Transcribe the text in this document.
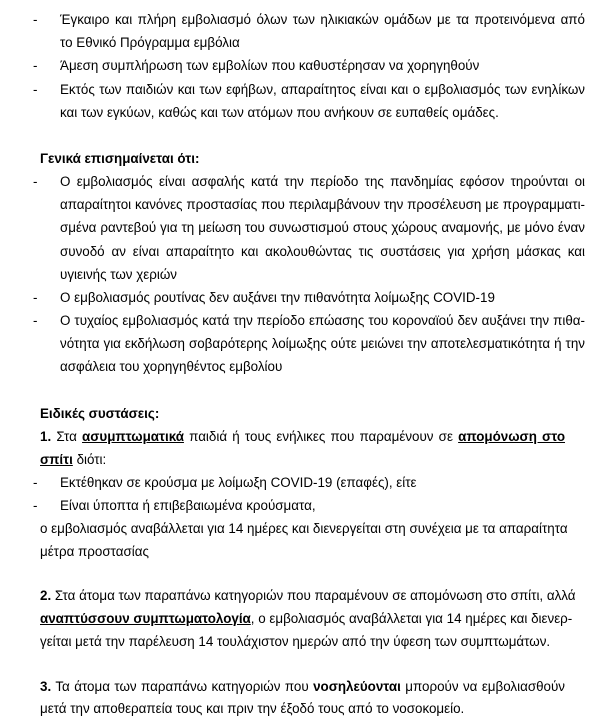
- Έγκαιρο και πλήρη εμβολιασμό όλων των ηλικιακών ομάδων με τα προτεινόμενα από
το Εθνικό Πρόγραμμα εμβόλια
- Άμεση συμπλήρωση των εμβολίων που καθυστέρησαν να χορηγηθούν
- Εκτός των παιδιών και των εφήβων, απαραίτητος είναι και ο εμβολιασμός των ενηλίκων
και των εγκύων, καθώς και των ατόμων που ανήκουν σε ευπαθείς ομάδες.
Γενικά επισημαίνεται ότι:
- Ο εμβολιασμός είναι ασφαλής κατά την περίοδο της πανδημίας εφόσον τηρούνται οι
απαραίτητοι κανόνες προστασίας που περιλαμβάνουν την προσέλευση με προγραμματι-
σμένα ραντεβού για τη μείωση του συνωστισμού στους χώρους αναμονής, με μόνο έναν
συνοδό αν είναι απαραίτητο και ακολουθώντας τις συστάσεις για χρήση μάσκας και
υγιεινής των χεριών
- Ο εμβολιασμός ρουτίνας δεν αυξάνει την πιθανότητα λοίμωξης COVID-19
- Ο τυχαίος εμβολιασμός κατά την περίοδο επώασης του κοροναϊού δεν αυξάνει την πιθα-
νότητα για εκδήλωση σοβαρότερης λοίμωξης ούτε μειώνει την αποτελεσματικότητα ή την
ασφάλεια του χορηγηθέντος εμβολίου
Ειδικές συστάσεις:
1. Στα ασυμπτωματικά παιδιά ή τους ενήλικες που παραμένουν σε απομόνωση στο
σπίτι διότι:
- Εκτέθηκαν σε κρούσμα με λοίμωξη COVID-19 (επαφές), είτε
- Είναι ύποπτα ή επιβεβαιωμένα κρούσματα,
ο εμβολιασμός αναβάλλεται για 14 ημέρες και διενεργείται στη συνέχεια με τα απαραίτητα
μέτρα προστασίας
2. Στα άτομα των παραπάνω κατηγοριών που παραμένουν σε απομόνωση στο σπίτι, αλλά
αναπτύσσουν συμπτωματολογία, ο εμβολιασμός αναβάλλεται για 14 ημέρες και διενερ-
γείται μετά την παρέλευση 14 τουλάχιστον ημερών από την ύφεση των συμπτωμάτων.
3. Τα άτομα των παραπάνω κατηγοριών που νοσηλεύονται μπορούν να εμβολιασθούν
μετά την αποθεραπεία τους και πριν την έξοδό τους από το νοσοκομείο.
